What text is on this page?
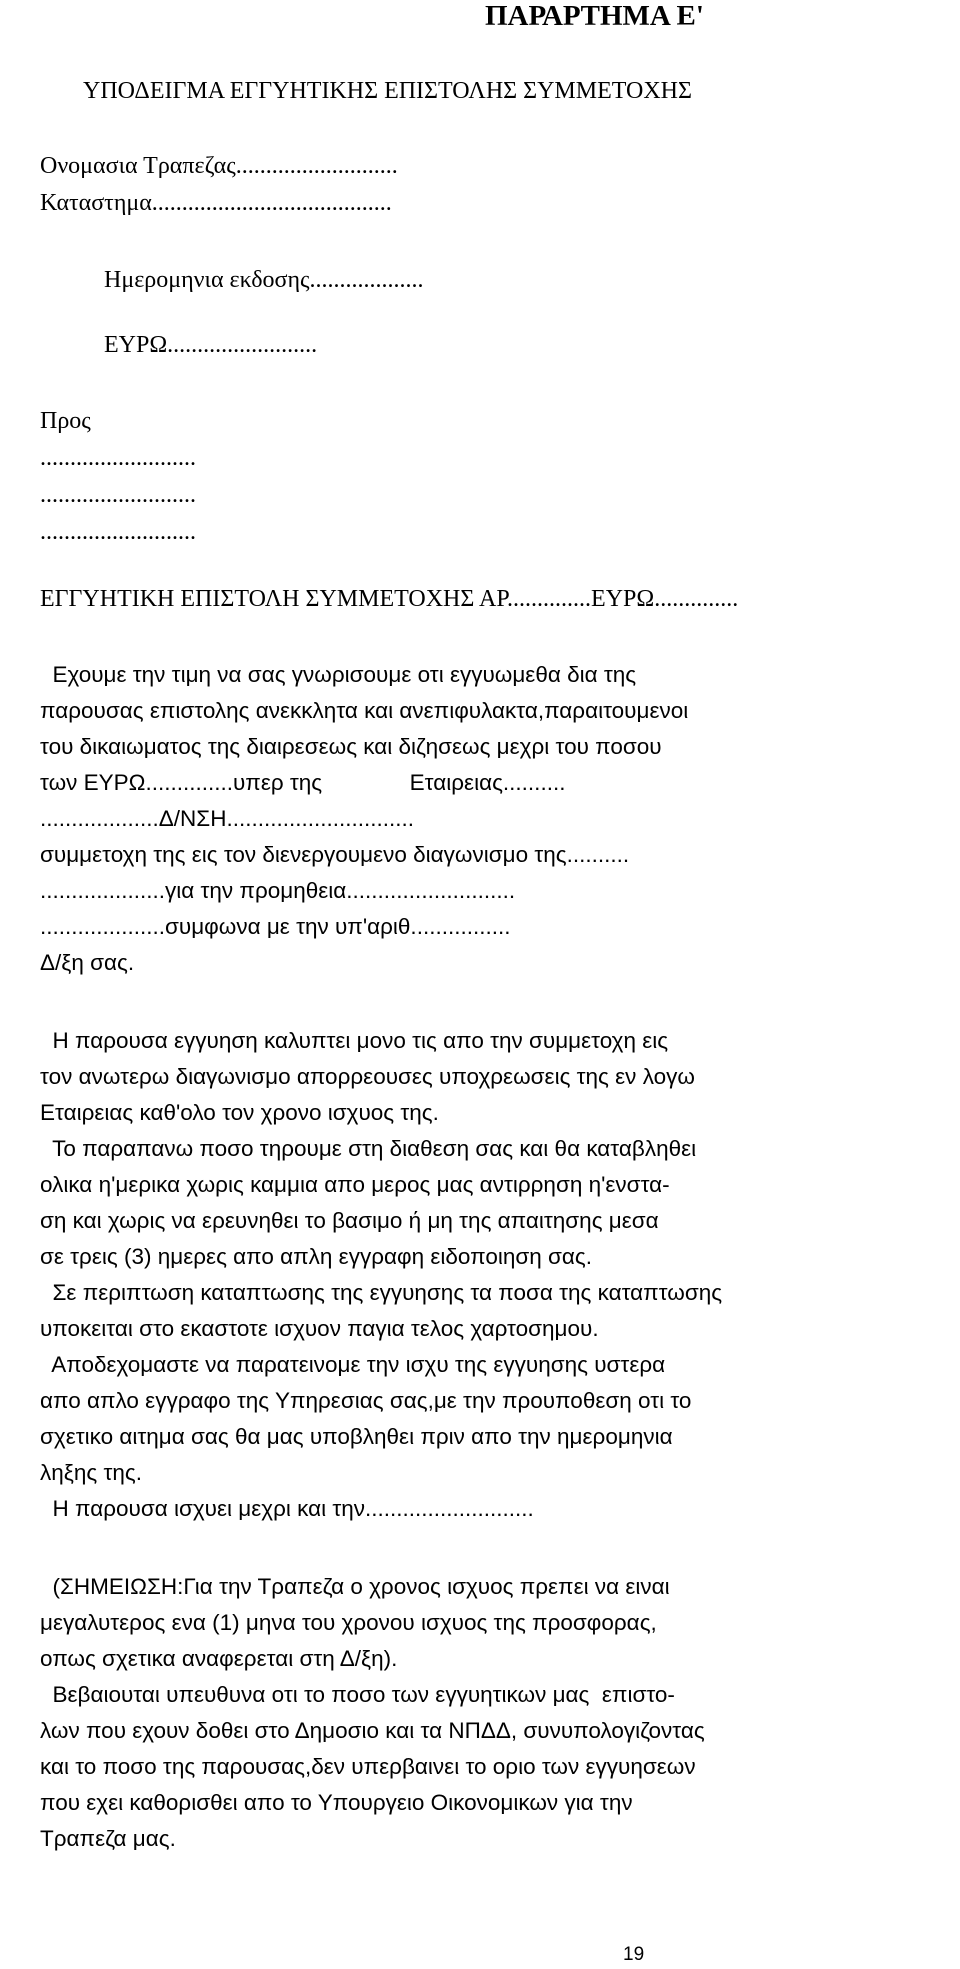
ΠΑΡΑΡΤΗΜΑ Ε'
ΥΠΟΔΕΙΓΜΑ ΕΓΓΥΗΤΙΚΗΣ ΕΠΙΣΤΟΛΗΣ ΣΥΜΜΕΤΟΧΗΣ
Ονομασια Τραπεζας...........................
Καταστημα........................................
Ημερομηνια εκδοσης...................
ΕΥΡΩ.........................
Προς
..........................
..........................
..........................
ΕΓΓΥΗΤΙΚΗ ΕΠΙΣΤΟΛΗ ΣΥΜΜΕΤΟΧΗΣ ΑΡ..............ΕΥΡΩ..............
Εχουμε την τιμη να σας γνωρισουμε οτι εγγυωμεθα δια της
παρουσας επιστολης ανεκκλητα και ανεπιφυλακτα,παραιτουμενοι
του δικαιωματος της διαιρεσεως και διζησεως μεχρι του ποσου
των ΕΥΡΩ..............υπερ της              Εταιρειας..........
...................Δ/ΝΣΗ..............................
συμμετοχη της εις τον διενεργουμενο διαγωνισμο της..........
....................για την προμηθεια...........................
....................συμφωνα με την υπ'αριθ................
Δ/ξη σας.
Η παρουσα εγγυηση καλυπτει μονο τις απο την συμμετοχη εις
τον ανωτερω διαγωνισμο απορρεουσες υποχρεωσεις της εν λογω
Εταιρειας καθ'ολο τον χρονο ισχυος της.
Το παραπανω ποσο τηρουμε στη διαθεση σας και θα καταβληθει
ολικα η'μερικα χωρις καμμια απο μερος μας αντιρρηση η'ενστα-
ση και χωρις να ερευνηθει το βασιμο ή μη της απαιτησης μεσα
σε τρεις (3) ημερες απο απλη εγγραφη ειδοποιηση σας.
Σε περιπτωση καταπτωσης της εγγυησης τα ποσα της καταπτωσης
υποκειται στο εκαστοτε ισχυον παγια τελος χαρτοσημου.
Αποδεχομαστε να παρατεινομε την ισχυ της εγγυησης υστερα
απο απλο εγγραφο της Υπηρεσιας σας,με την προυποθεση οτι το
σχετικο αιτημα σας θα μας υποβληθει πριν απο την ημερομηνια
ληξης της.
Η παρουσα ισχυει μεχρι και την...........................
(ΣΗΜΕΙΩΣΗ:Για την Τραπεζα ο χρονος ισχυος πρεπει να ειναι
μεγαλυτερος ενα (1) μηνα του χρονου ισχυος της προσφορας,
οπως σχετικα αναφερεται στη Δ/ξη).
Βεβαιουται υπευθυνα οτι το ποσο των εγγυητικων μας  επιστο-
λων που εχουν δοθει στο Δημοσιο και τα ΝΠΔΔ, συνυπολογιζοντας
και το ποσο της παρουσας,δεν υπερβαινει το οριο των εγγυησεων
που εχει καθορισθει απο το Υπουργειο Οικονομικων για την
Τραπεζα μας.
19
